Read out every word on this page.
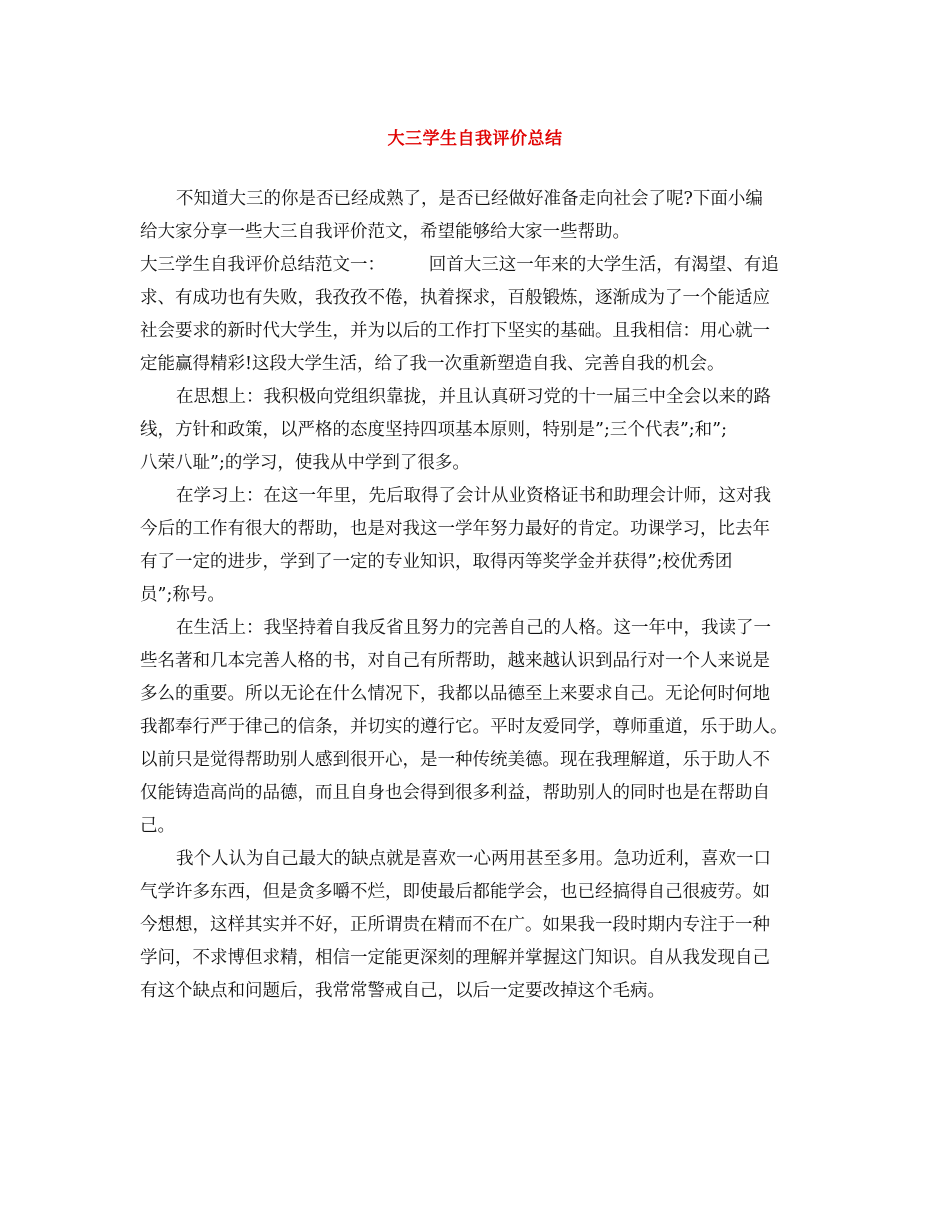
大三学生自我评价总结
不知道大三的你是否已经成熟了，是否已经做好准备走向社会了呢?下面小编
给大家分享一些大三自我评价范文，希望能够给大家一些帮助。
大三学生自我评价总结范文一：　　　回首大三这一年来的大学生活，有渴望、有追
求、有成功也有失败，我孜孜不倦，执着探求，百般锻炼，逐渐成为了一个能适应
社会要求的新时代大学生，并为以后的工作打下坚实的基础。且我相信：用心就一
定能赢得精彩!这段大学生活，给了我一次重新塑造自我、完善自我的机会。
在思想上：我积极向党组织靠拢，并且认真研习党的十一届三中全会以来的路
线，方针和政策，以严格的态度坚持四项基本原则，特别是”;三个代表”;和”;
八荣八耻”;的学习，使我从中学到了很多。
在学习上：在这一年里，先后取得了会计从业资格证书和助理会计师，这对我
今后的工作有很大的帮助，也是对我这一学年努力最好的肯定。功课学习，比去年
有了一定的进步，学到了一定的专业知识，取得丙等奖学金并获得”;校优秀团
员”;称号。
在生活上：我坚持着自我反省且努力的完善自己的人格。这一年中，我读了一
些名著和几本完善人格的书，对自己有所帮助，越来越认识到品行对一个人来说是
多么的重要。所以无论在什么情况下，我都以品德至上来要求自己。无论何时何地
我都奉行严于律己的信条，并切实的遵行它。平时友爱同学，尊师重道，乐于助人。
以前只是觉得帮助别人感到很开心，是一种传统美德。现在我理解道，乐于助人不
仅能铸造高尚的品德，而且自身也会得到很多利益，帮助别人的同时也是在帮助自
己。
我个人认为自己最大的缺点就是喜欢一心两用甚至多用。急功近利，喜欢一口
气学许多东西，但是贪多嚼不烂，即使最后都能学会，也已经搞得自己很疲劳。如
今想想，这样其实并不好，正所谓贵在精而不在广。如果我一段时期内专注于一种
学问，不求博但求精，相信一定能更深刻的理解并掌握这门知识。自从我发现自己
有这个缺点和问题后，我常常警戒自己，以后一定要改掉这个毛病。
